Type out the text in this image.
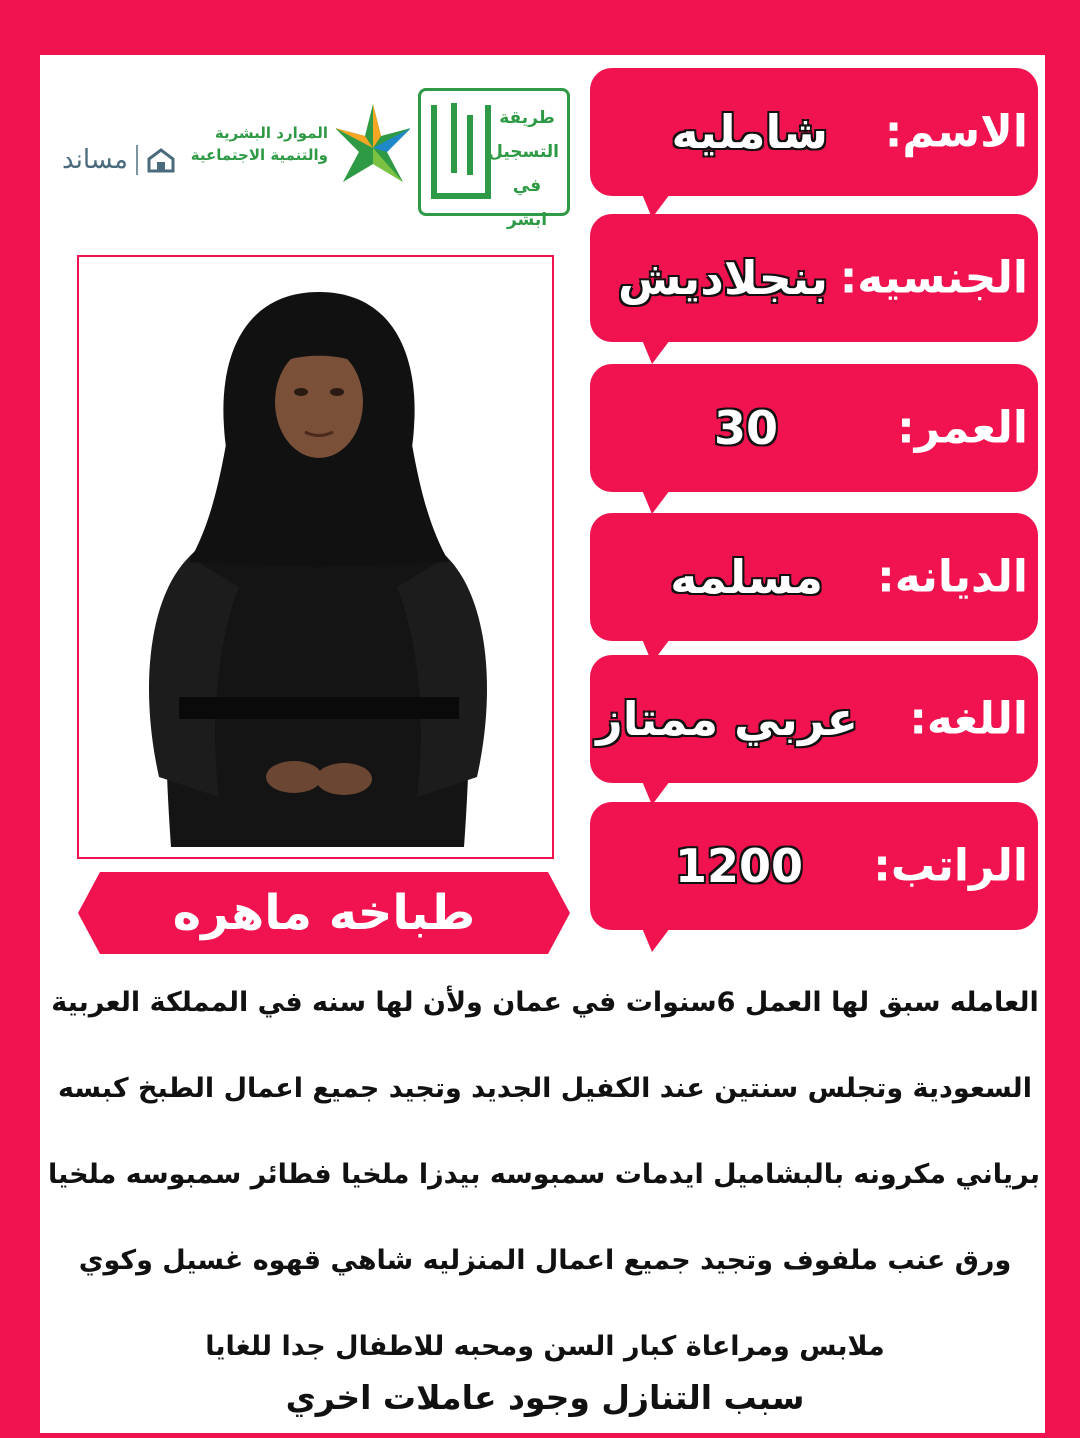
طريقة
التسجيل
في ابشر
الموارد البشرية
والتنمية الاجتماعية
مساند
طباخه ماهره
الاسم:
شامليه
الجنسيه:
بنجلاديش
العمر:
30
الديانه:
مسلمه
اللغه:
عربي ممتاز
الراتب:
1200
العامله سبق لها العمل 6سنوات في عمان ولأن لها سنه في المملكة العربية
السعودية وتجلس سنتين عند الكفيل الجديد وتجيد جميع اعمال الطبخ كبسه
برياني مكرونه بالبشاميل ايدمات سمبوسه بيدزا ملخيا فطائر سمبوسه ملخيا
ورق عنب ملفوف وتجيد جميع اعمال المنزليه شاهي قهوه غسيل وكوي
ملابس ومراعاة كبار السن ومحبه للاطفال جدا للغايا
سبب التنازل وجود عاملات اخري
